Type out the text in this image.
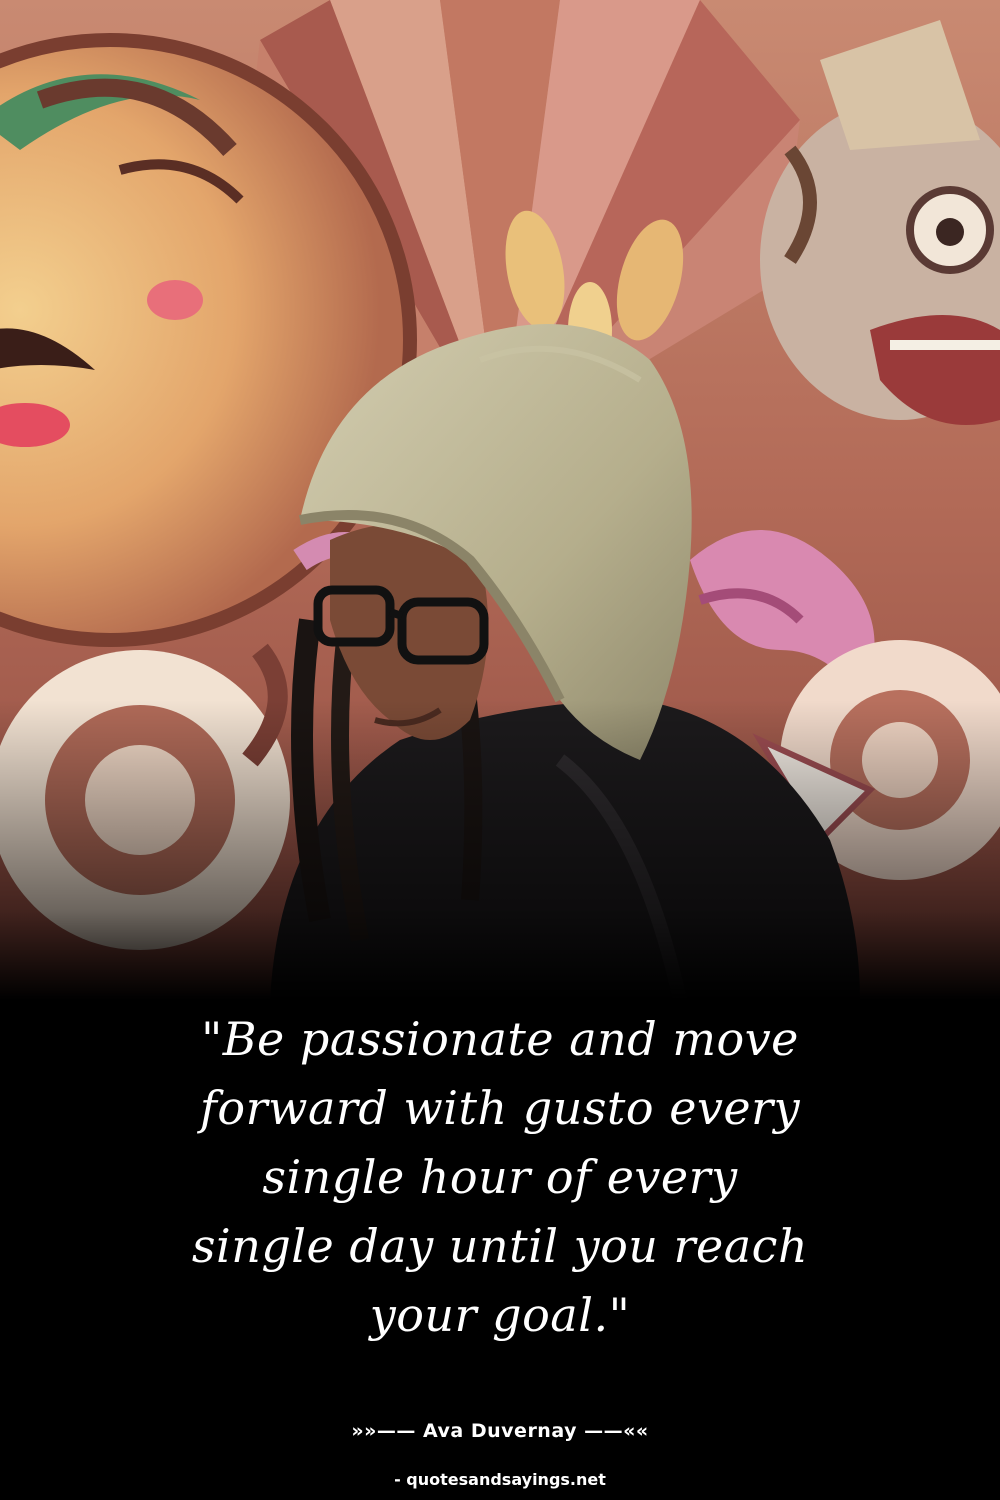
"Be passionate and move
forward with gusto every
single hour of every
single day until you reach
your goal."

»»—— Ava Duvernay ——««
- quotesandsayings.net
